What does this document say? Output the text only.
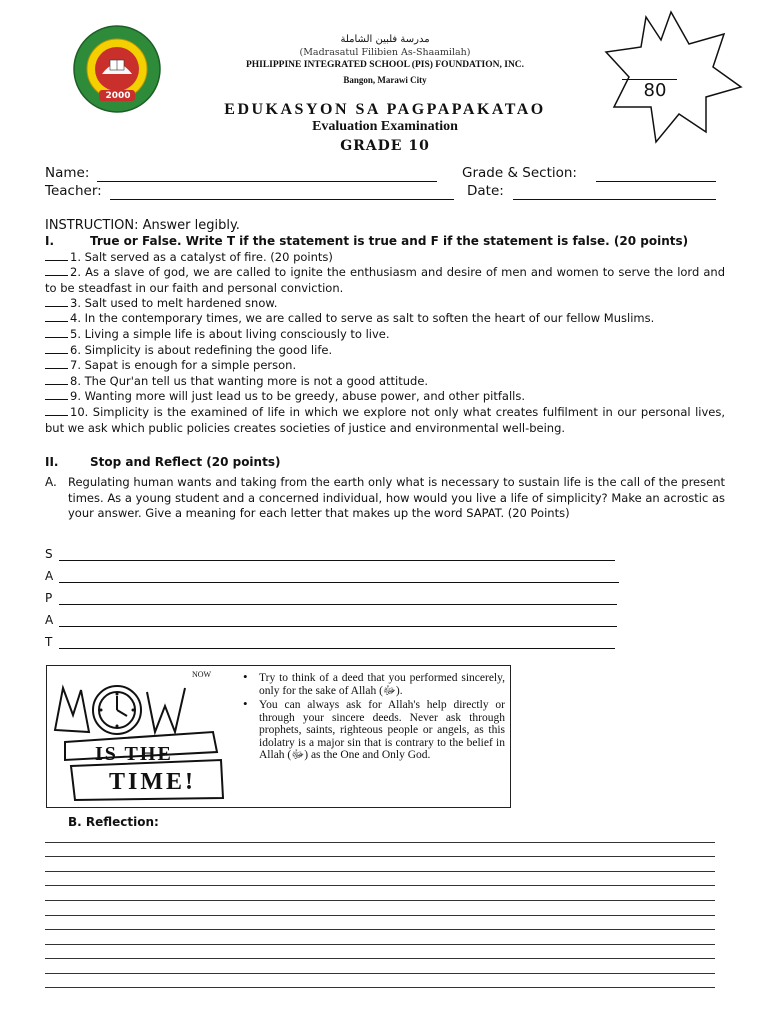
2000
مدرسة فلبين الشاملة
(Madrasatul Filibien As-Shaamilah)
PHILIPPINE INTEGRATED SCHOOL (PIS) FOUNDATION, INC.
Bangon, Marawi City
EDUKASYON SA PAGPAPAKATAO
Evaluation Examination
GRADE 10
80
Name:	Grade & Section:
Teacher:	Date:
INSTRUCTION: Answer legibly.
I.	True or False. Write T if the statement is true and F if the statement is false. (20 points)
1. Salt served as a catalyst of fire. (20 points)
2. As a slave of god, we are called to ignite the enthusiasm and desire of men and women to serve the lord and to be steadfast in our faith and personal conviction.
3. Salt used to melt hardened snow.
4. In the contemporary times, we are called to serve as salt to soften the heart of our fellow Muslims.
5. Living a simple life is about living consciously to live.
6. Simplicity is about redefining the good life.
7. Sapat is enough for a simple person.
8. The Qur'an tell us that wanting more is not a good attitude.
9. Wanting more will just lead us to be greedy, abuse power, and other pitfalls.
10. Simplicity is the examined of life in which we explore not only what creates fulfilment in our personal lives, but we ask which public policies creates societies of justice and environmental well-being.
II.	Stop and Reflect (20 points)
A. Regulating human wants and taking from the earth only what is necessary to sustain life is the call of the present times. As a young student and a concerned individual, how would you live a life of simplicity? Make an acrostic as your answer. Give a meaning for each letter that makes up the word SAPAT. (20 Points)
S
A
P
A
T
NOW
IS THE
TIME!
• Try to think of a deed that you performed sincerely, only for the sake of Allah (ﷻ).
• You can always ask for Allah's help directly or through your sincere deeds. Never ask through prophets, saints, righteous people or angels, as this idolatry is a major sin that is contrary to the belief in Allah (ﷻ) as the One and Only God.
B. Reflection:
